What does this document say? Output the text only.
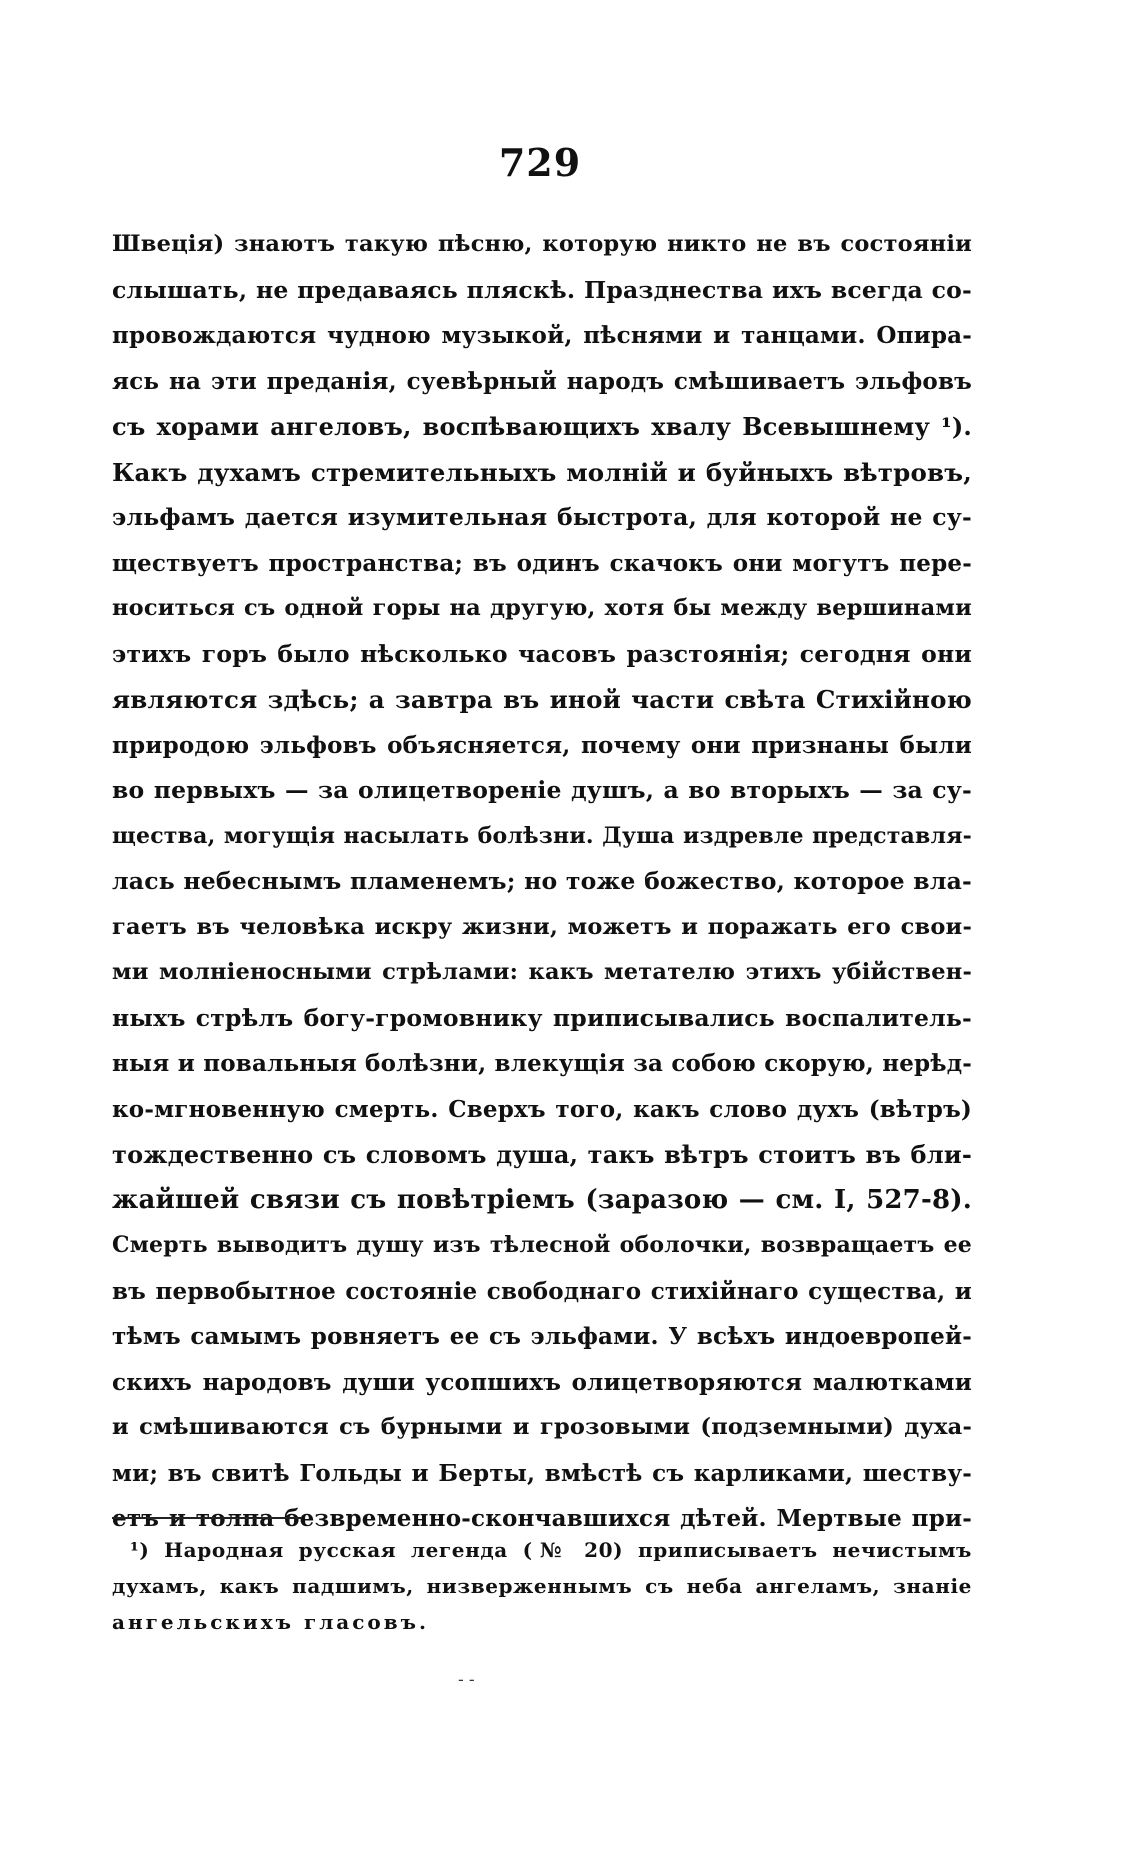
729
Швеція) знаютъ такую пѣсню, которую никто не въ состояніи
слышать, не предаваясь пляскѣ. Празднества ихъ всегда со-
провождаются чудною музыкой, пѣснями и танцами. Опира-
ясь на эти преданія, суевѣрный народъ смѣшиваетъ эльфовъ
съ хорами ангеловъ, воспѣвающихъ хвалу Всевышнему ¹).
Какъ духамъ стремительныхъ молній и буйныхъ вѣтровъ,
эльфамъ дается изумительная быстрота, для которой не су-
ществуетъ пространства; въ одинъ скачокъ они могутъ пере-
носиться съ одной горы на другую, хотя бы между вершинами
этихъ горъ было нѣсколько часовъ разстоянія; сегодня они
являются здѣсь; а завтра въ иной части свѣта Стихійною
природою эльфовъ объясняется, почему они признаны были
во первыхъ — за олицетвореніе душъ, а во вторыхъ — за су-
щества, могущія насылать болѣзни. Душа издревле представля-
лась небеснымъ пламенемъ; но тоже божество, которое вла-
гаетъ въ человѣка искру жизни, можетъ и поражать его свои-
ми молніеносными стрѣлами: какъ метателю этихъ убійствен-
ныхъ стрѣлъ богу-громовнику приписывались воспалитель-
ныя и повальныя болѣзни, влекущія за собою скорую, нерѣд-
ко-мгновенную смерть. Сверхъ того, какъ слово духъ (вѣтръ)
тождественно съ словомъ душа, такъ вѣтръ стоитъ въ бли-
жайшей связи съ повѣтріемъ (заразою — см. I, 527-8).
Смерть выводитъ душу изъ тѣлесной оболочки, возвращаетъ ее
въ первобытное состояніе свободнаго стихійнаго существа, и
тѣмъ самымъ ровняетъ ее съ эльфами. У всѣхъ индоевропей-
скихъ народовъ души усопшихъ олицетворяются малютками
и смѣшиваются съ бурными и грозовыми (подземными) духа-
ми; въ свитѣ Гольды и Берты, вмѣстѣ съ карликами, шеству-
етъ и толпа безвременно-скончавшихся дѣтей. Мертвые при-
¹) Народная русская легенда (№ 20) приписываетъ нечистымъ
духамъ, какъ падшимъ, низверженнымъ съ неба ангеламъ, знаніе
ангельскихъ гласовъ.
- -
